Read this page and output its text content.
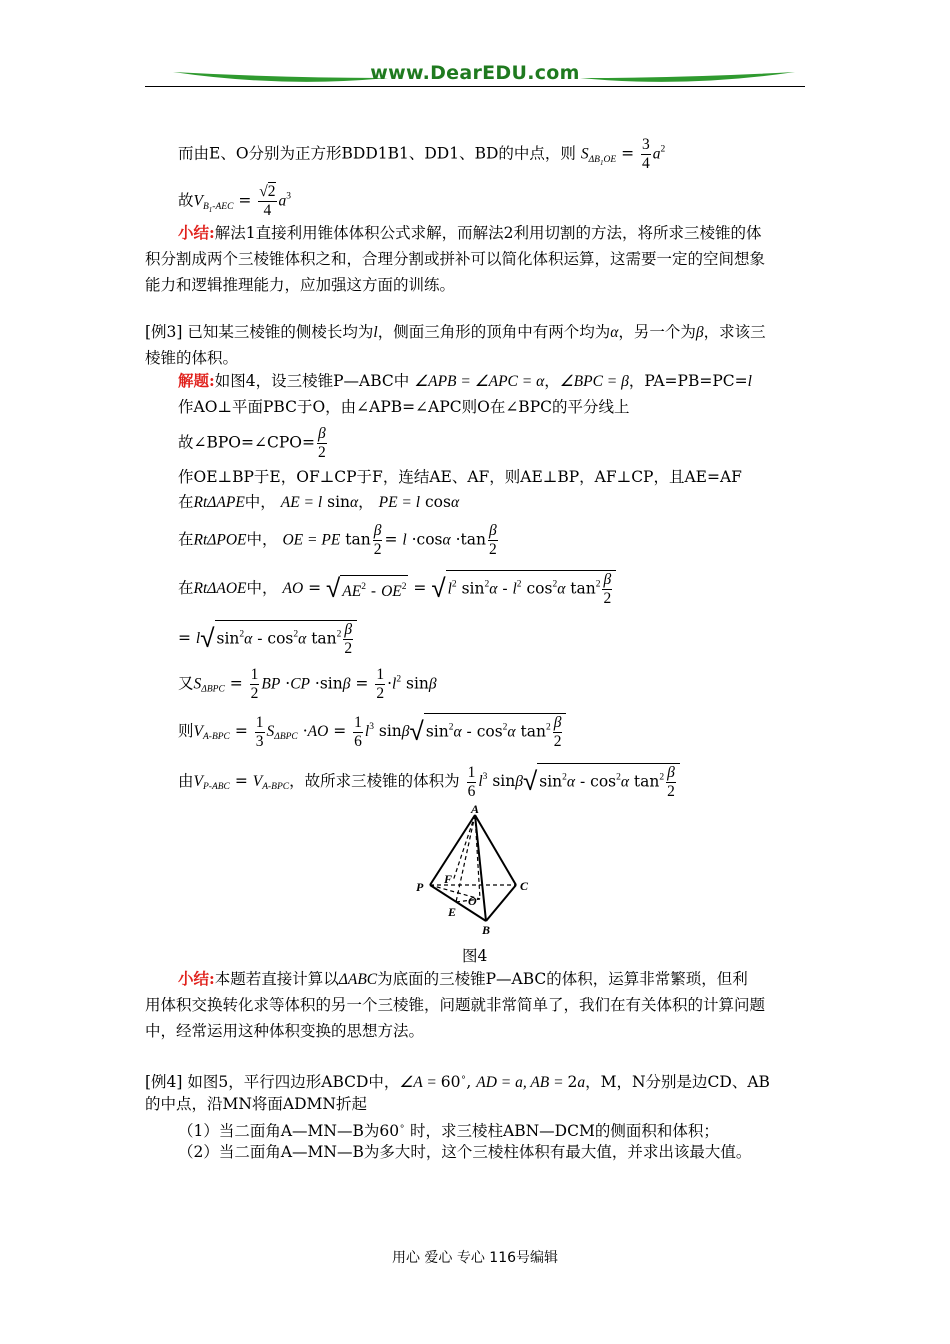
www.DearEDU.com
而由E、O分别为正方形BDD1B1、DD1、BD的中点，则 $S_{\Delta B_1OE} = \frac{3}{4} a^2$
故$V_{B_1-AEC} = \frac{√2}{4} a^3$
小结:解法1直接利用锥体体积公式求解，而解法2利用切割的方法，将所求三棱锥的体
积分割成两个三棱锥体积之和，合理分割或拼补可以简化体积运算，这需要一定的空间想象
能力和逻辑推理能力，应加强这方面的训练。
[例3] 已知某三棱锥的侧棱长均为l，侧面三角形的顶角中有两个均为α，另一个为β，求该三
棱锥的体积。
解题:如图4，设三棱锥P—ABC中 ∠APB = ∠APC = α，∠BPC = β，PA=PB=PC=l
作AO⊥平面PBC于O，由∠APB=∠APC则O在∠BPC的平分线上
故∠BPO=∠CPO= $\frac{\beta}{2}$
作OE⊥BP于E，OF⊥CP于F，连结AE、AF，则AE⊥BP，AF⊥CP，且AE=AF
在RtΔAPE中， AE = l sinα， PE = l cosα
在RtΔPOE中， OE = PE $\tan \frac{\beta}{2} = l \cdot\cos\alpha \cdot\tan \frac{\beta}{2}$
在RtΔAOE中， AO = √ $AE^2 - OE^2$ = √ $l^2$ $\sin^2\alpha - l^2$ $\cos^2\alpha$ $\tan^2 \frac{\beta}{2}$
= l√ $\sin^2\alpha - \cos^2\alpha$ $\tan^2 \frac{\beta}{2}$
又$S_{\Delta BPC} = \frac{1}{2}$ BP $\cdot CP \cdot\sin\beta = \frac{1}{2} \cdot l^2$ sinβ
则$V_{A-BPC} = \frac{1}{3} S_{\Delta BPC} \cdot AO = \frac{1}{6} l^3$ sinβ√ $\sin^2\alpha - \cos^2\alpha$ $\tan^2 \frac{\beta}{2}$
由$V_{P-ABC} = V_{A-BPC}$，故所求三棱锥的体积为 $\frac{1}{6} l^3$ sinβ√ $\sin^2\alpha - \cos^2\alpha$ $\tan^2 \frac{\beta}{2}$
A
P
F	C
E
O
B
图4
小结:本题若直接计算以ΔABC为底面的三棱锥P—ABC的体积，运算非常繁琐，但利
用体积交换转化求等体积的另一个三棱锥，问题就非常简单了，我们在有关体积的计算问题
中，经常运用这种体积变换的思想方法。
[例4] 如图5，平行四边形ABCD中，∠A = 60∘, AD = a, AB = 2a，M，N分别是边CD、AB
的中点，沿MN将面ADMN折起
（1）当二面角A—MN—B为60∘ 时，求三棱柱ABN—DCM的侧面积和体积；
（2）当二面角A—MN—B为多大时，这个三棱柱体积有最大值，并求出该最大值。
用心 爱心 专心 116号编辑
